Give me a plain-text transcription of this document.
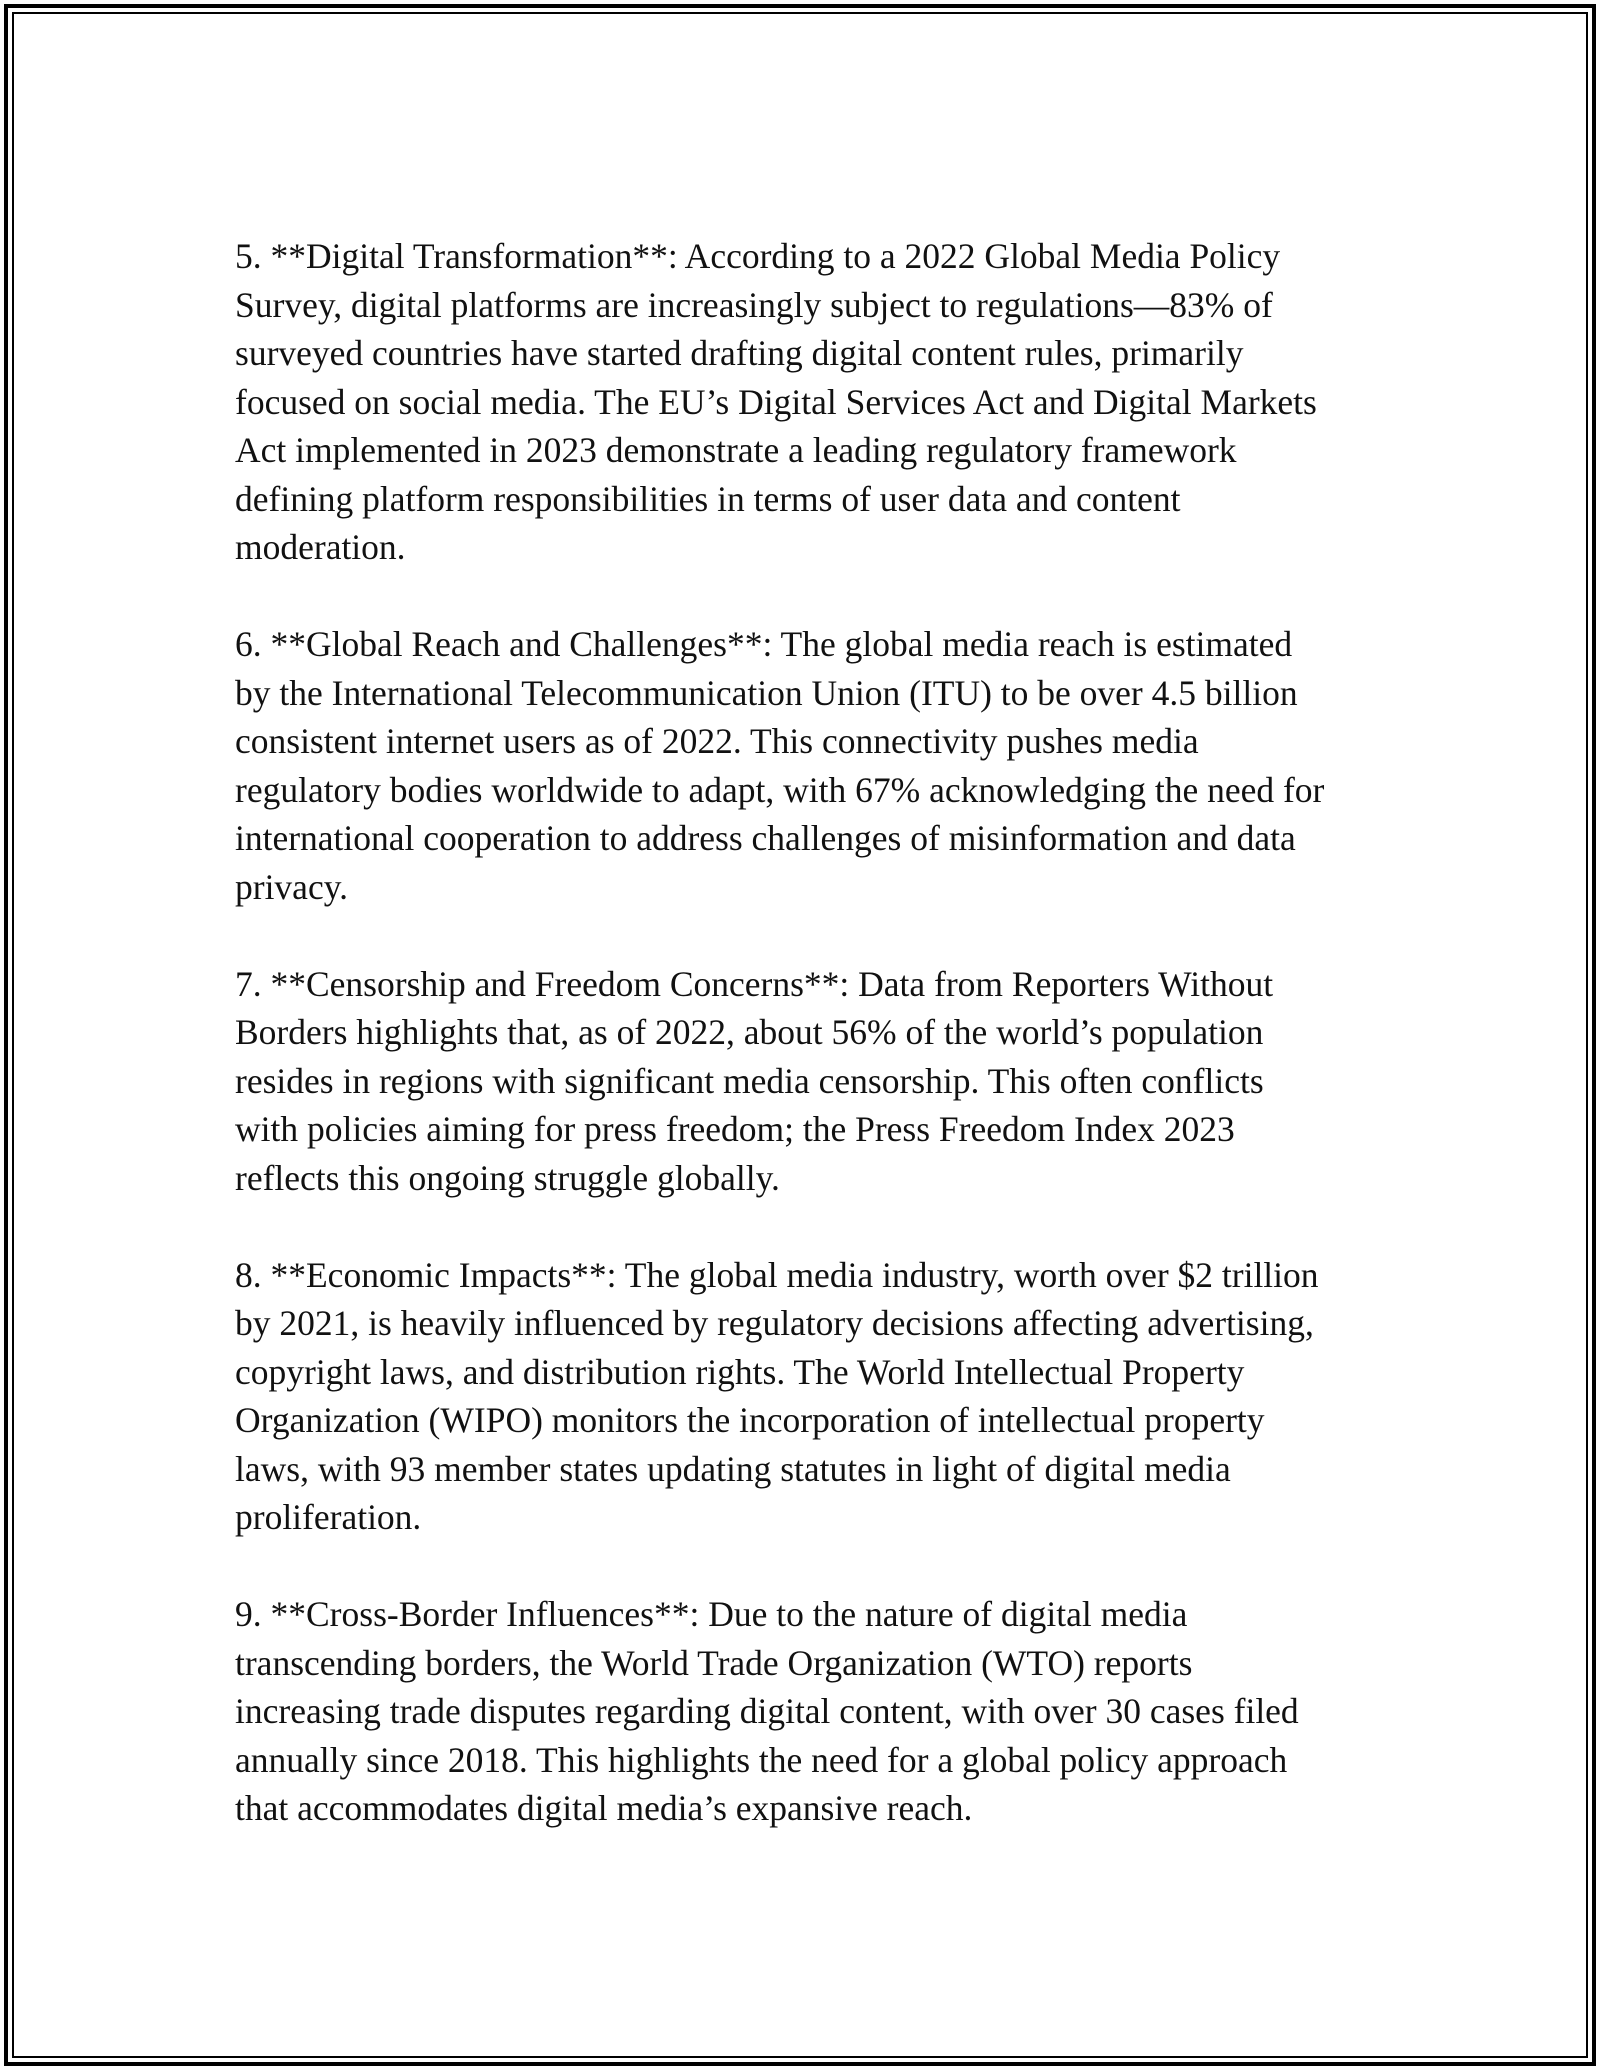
5. **Digital Transformation**: According to a 2022 Global Media Policy
Survey, digital platforms are increasingly subject to regulations—83% of
surveyed countries have started drafting digital content rules, primarily
focused on social media. The EU’s Digital Services Act and Digital Markets
Act implemented in 2023 demonstrate a leading regulatory framework
defining platform responsibilities in terms of user data and content
moderation.

6. **Global Reach and Challenges**: The global media reach is estimated
by the International Telecommunication Union (ITU) to be over 4.5 billion
consistent internet users as of 2022. This connectivity pushes media
regulatory bodies worldwide to adapt, with 67% acknowledging the need for
international cooperation to address challenges of misinformation and data
privacy.

7. **Censorship and Freedom Concerns**: Data from Reporters Without
Borders highlights that, as of 2022, about 56% of the world’s population
resides in regions with significant media censorship. This often conflicts
with policies aiming for press freedom; the Press Freedom Index 2023
reflects this ongoing struggle globally.

8. **Economic Impacts**: The global media industry, worth over $2 trillion
by 2021, is heavily influenced by regulatory decisions affecting advertising,
copyright laws, and distribution rights. The World Intellectual Property
Organization (WIPO) monitors the incorporation of intellectual property
laws, with 93 member states updating statutes in light of digital media
proliferation.

9. **Cross-Border Influences**: Due to the nature of digital media
transcending borders, the World Trade Organization (WTO) reports
increasing trade disputes regarding digital content, with over 30 cases filed
annually since 2018. This highlights the need for a global policy approach
that accommodates digital media’s expansive reach.
